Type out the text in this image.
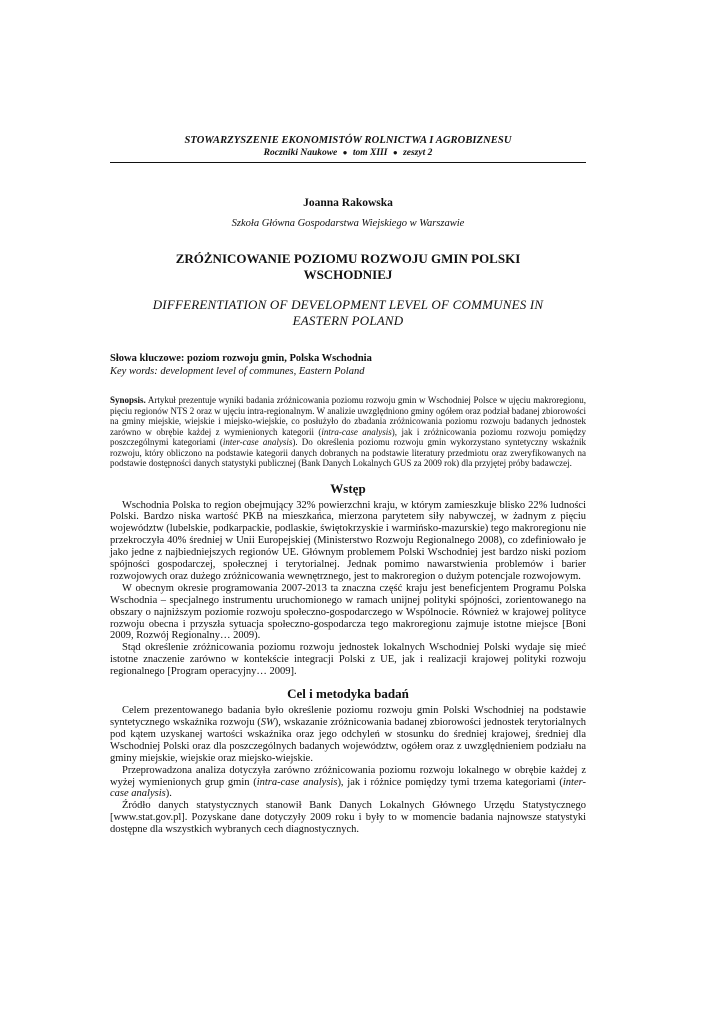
STOWARZYSZENIE EKONOMISTÓW ROLNICTWA I AGROBIZNESU
Roczniki Naukowe ● tom XIII ● zeszyt 2
Joanna Rakowska
Szkoła Główna Gospodarstwa Wiejskiego w Warszawie
ZRÓŻNICOWANIE POZIOMU ROZWOJU GMIN POLSKI WSCHODNIEJ
DIFFERENTIATION OF DEVELOPMENT LEVEL OF COMMUNES IN EASTERN POLAND
Słowa kluczowe: poziom rozwoju gmin, Polska Wschodnia
Key words: development level of communes, Eastern Poland
Synopsis. Artykuł prezentuje wyniki badania zróżnicowania poziomu rozwoju gmin w Wschodniej Polsce w ujęciu makroregionu, pięciu regionów NTS 2 oraz w ujęciu intra-regionalnym. W analizie uwzględniono gminy ogółem oraz podział badanej zbiorowości na gminy miejskie, wiejskie i miejsko-wiejskie, co posłużyło do zbadania zróżnicowania poziomu rozwoju badanych jednostek zarówno w obrębie każdej z wymienionych kategorii (intra-case analysis), jak i zróżnicowania poziomu rozwoju pomiędzy poszczególnymi kategoriami (inter-case analysis). Do określenia poziomu rozwoju gmin wykorzystano syntetyczny wskaźnik rozwoju, który obliczono na podstawie kategorii danych dobranych na podstawie literatury przedmiotu oraz zweryfikowanych na podstawie dostępności danych statystyki publicznej (Bank Danych Lokalnych GUS za 2009 rok) dla przyjętej próby badawczej.
Wstęp

Wschodnia Polska to region obejmujący 32% powierzchni kraju, w którym zamieszkuje blisko 22% ludności Polski. Bardzo niska wartość PKB na mieszkańca, mierzona parytetem siły nabywczej, w żadnym z pięciu województw (lubelskie, podkarpackie, podlaskie, świętokrzyskie i warmińsko-mazurskie) tego makroregionu nie przekroczyła 40% średniej w Unii Europejskiej (Ministerstwo Rozwoju Regionalnego 2008), co zdefiniowało je jako jedne z najbiedniejszych regionów UE. Głównym problemem Polski Wschodniej jest bardzo niski poziom spójności gospodarczej, społecznej i terytorialnej. Jednak pomimo nawarstwienia problemów i barier rozwojowych oraz dużego zróżnicowania wewnętrznego, jest to makroregion o dużym potencjale rozwojowym.

W obecnym okresie programowania 2007-2013 ta znaczna część kraju jest beneficjentem Programu Polska Wschodnia – specjalnego instrumentu uruchomionego w ramach unijnej polityki spójności, zorientowanego na obszary o najniższym poziomie rozwoju społeczno-gospodarczego w Wspólnocie. Również w krajowej polityce rozwoju obecna i przyszła sytuacja społeczno-gospodarcza tego makroregionu zajmuje istotne miejsce [Boni 2009, Rozwój Regionalny… 2009).

Stąd określenie zróżnicowania poziomu rozwoju jednostek lokalnych Wschodniej Polski wydaje się mieć istotne znaczenie zarówno w kontekście integracji Polski z UE, jak i realizacji krajowej polityki rozwoju regionalnego [Program operacyjny… 2009].

Cel i metodyka badań

Celem prezentowanego badania było określenie poziomu rozwoju gmin Polski Wschodniej na podstawie syntetycznego wskaźnika rozwoju (SW), wskazanie zróżnicowania badanej zbiorowości jednostek terytorialnych pod kątem uzyskanej wartości wskaźnika oraz jego odchyleń w stosunku do średniej krajowej, średniej dla Wschodniej Polski oraz dla poszczególnych badanych województw, ogółem oraz z uwzględnieniem podziału na gminy miejskie, wiejskie oraz miejsko-wiejskie.

Przeprowadzona analiza dotyczyła zarówno zróżnicowania poziomu rozwoju lokalnego w obrębie każdej z wyżej wymienionych grup gmin (intra-case analysis), jak i różnice pomiędzy tymi trzema kategoriami (inter-case analysis).

Źródło danych statystycznych stanowił Bank Danych Lokalnych Głównego Urzędu Statystycznego [www.stat.gov.pl]. Pozyskane dane dotyczyły 2009 roku i były to w momencie badania najnowsze statystyki dostępne dla wszystkich wybranych cech diagnostycznych.
